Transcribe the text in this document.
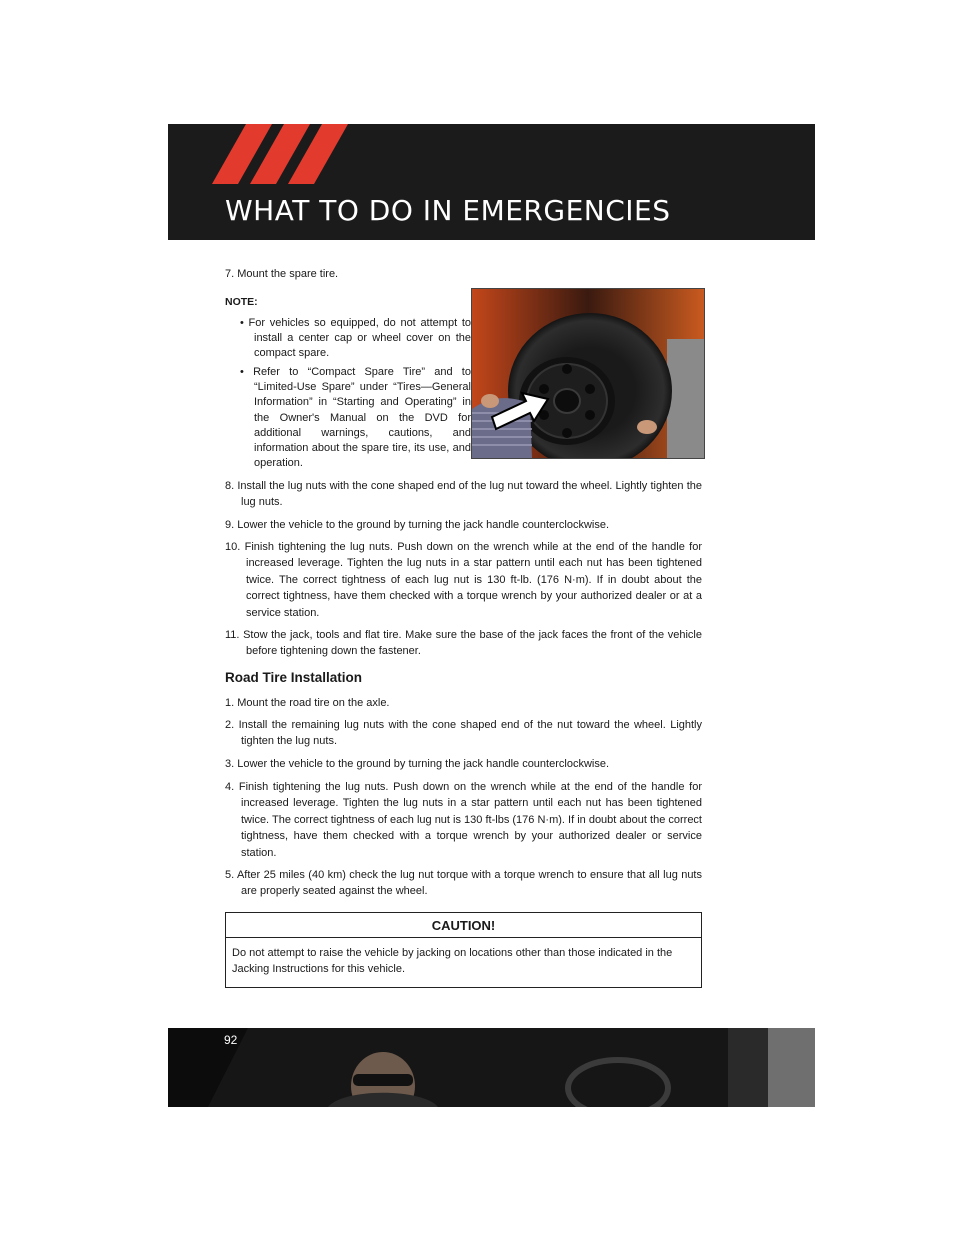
WHAT TO DO IN EMERGENCIES

7. Mount the spare tire.

NOTE:

• For vehicles so equipped, do not attempt to install a center cap or wheel cover on the compact spare.

• Refer to “Compact Spare Tire” and to “Limited-Use Spare” under “Tires—General Information” in “Starting and Operating” in the Owner's Manual on the DVD for additional warnings, cautions, and information about the spare tire, its use, and operation.

8. Install the lug nuts with the cone shaped end of the lug nut toward the wheel. Lightly tighten the lug nuts.

9. Lower the vehicle to the ground by turning the jack handle counterclockwise.

10. Finish tightening the lug nuts. Push down on the wrench while at the end of the handle for increased leverage. Tighten the lug nuts in a star pattern until each nut has been tightened twice. The correct tightness of each lug nut is 130 ft-lb. (176 N·m). If in doubt about the correct tightness, have them checked with a torque wrench by your authorized dealer or at a service station.

11. Stow the jack, tools and flat tire. Make sure the base of the jack faces the front of the vehicle before tightening down the fastener.

Road Tire Installation

1. Mount the road tire on the axle.

2. Install the remaining lug nuts with the cone shaped end of the nut toward the wheel. Lightly tighten the lug nuts.

3. Lower the vehicle to the ground by turning the jack handle counterclockwise.

4. Finish tightening the lug nuts. Push down on the wrench while at the end of the handle for increased leverage. Tighten the lug nuts in a star pattern until each nut has been tightened twice. The correct tightness of each lug nut is 130 ft-lbs (176 N·m). If in doubt about the correct tightness, have them checked with a torque wrench by your authorized dealer or service station.

5. After 25 miles (40 km) check the lug nut torque with a torque wrench to ensure that all lug nuts are properly seated against the wheel.

CAUTION!
Do not attempt to raise the vehicle by jacking on locations other than those indicated in the Jacking Instructions for this vehicle.
92
